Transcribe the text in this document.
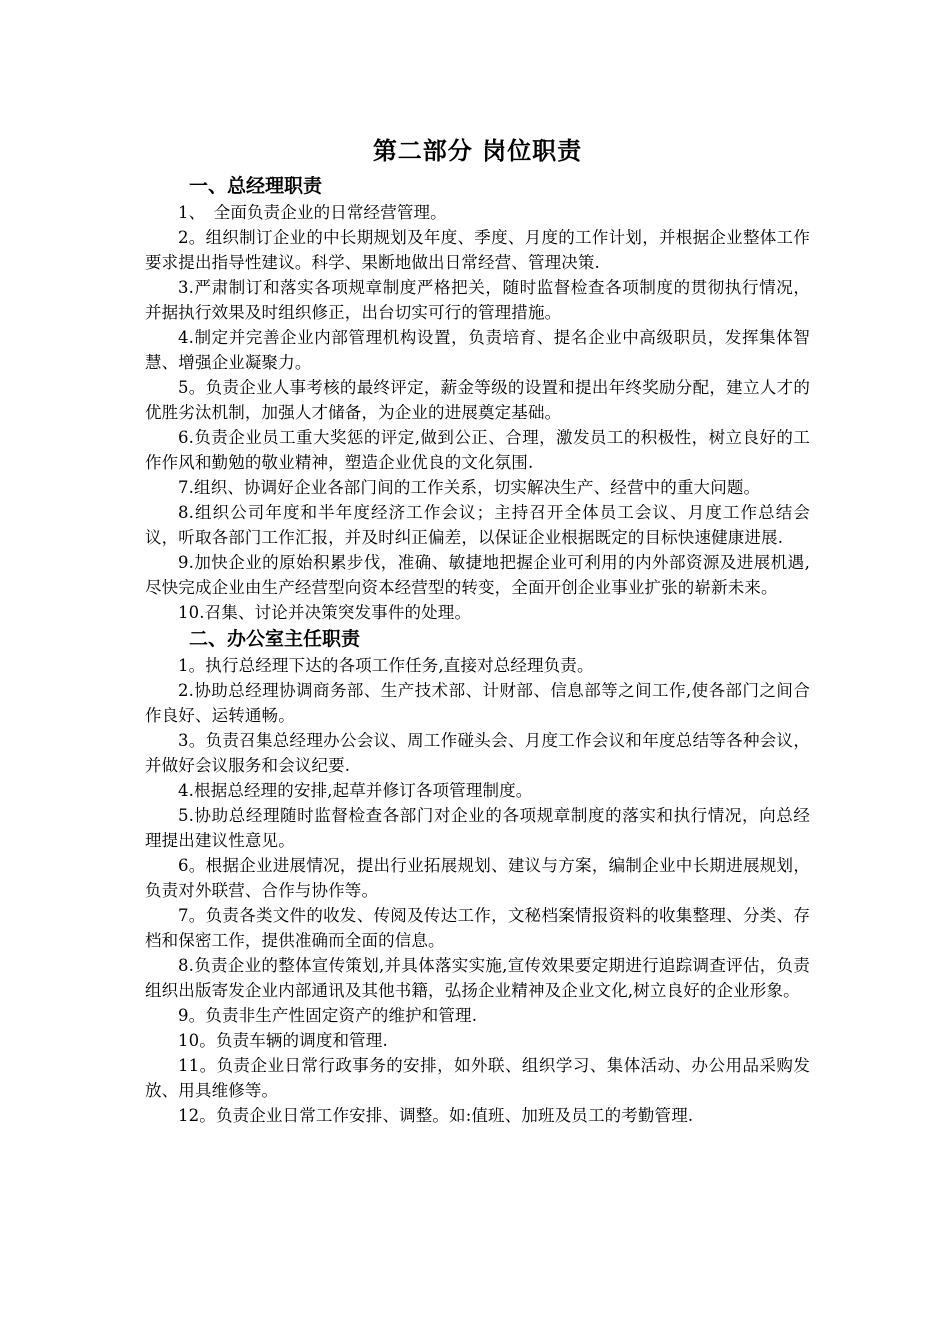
第二部分 岗位职责
一、总经理职责

1、　全面负责企业的日常经营管理。

2。组织制订企业的中长期规划及年度、季度、月度的工作计划，并根据企业整体工作要求提出指导性建议。科学、果断地做出日常经营、管理决策.

3.严肃制订和落实各项规章制度严格把关，随时监督检查各项制度的贯彻执行情况，并据执行效果及时组织修正，出台切实可行的管理措施。

4.制定并完善企业内部管理机构设置，负责培育、提名企业中高级职员，发挥集体智慧、增强企业凝聚力。

5。负责企业人事考核的最终评定，薪金等级的设置和提出年终奖励分配，建立人才的优胜劣汰机制，加强人才储备，为企业的进展奠定基础。

6.负责企业员工重大奖惩的评定,做到公正、合理，激发员工的积极性，树立良好的工作作风和勤勉的敬业精神，塑造企业优良的文化氛围.

7.组织、协调好企业各部门间的工作关系，切实解决生产、经营中的重大问题。

8.组织公司年度和半年度经济工作会议；主持召开全体员工会议、月度工作总结会议，听取各部门工作汇报，并及时纠正偏差，以保证企业根据既定的目标快速健康进展.

9.加快企业的原始积累步伐，准确、敏捷地把握企业可利用的内外部资源及进展机遇,尽快完成企业由生产经营型向资本经营型的转变，全面开创企业事业扩张的崭新未来。

10.召集、讨论并决策突发事件的处理。

二、办公室主任职责

1。执行总经理下达的各项工作任务,直接对总经理负责。

2.协助总经理协调商务部、生产技术部、计财部、信息部等之间工作,使各部门之间合作良好、运转通畅。

3。负责召集总经理办公会议、周工作碰头会、月度工作会议和年度总结等各种会议，并做好会议服务和会议纪要.

4.根据总经理的安排,起草并修订各项管理制度。

5.协助总经理随时监督检查各部门对企业的各项规章制度的落实和执行情况，向总经理提出建议性意见。

6。根据企业进展情况，提出行业拓展规划、建议与方案，编制企业中长期进展规划，负责对外联营、合作与协作等。

7。负责各类文件的收发、传阅及传达工作，文秘档案情报资料的收集整理、分类、存档和保密工作，提供准确而全面的信息。

8.负责企业的整体宣传策划,并具体落实实施,宣传效果要定期进行追踪调查评估，负责组织出版寄发企业内部通讯及其他书籍，弘扬企业精神及企业文化,树立良好的企业形象。

9。负责非生产性固定资产的维护和管理.

10。负责车辆的调度和管理.

11。负责企业日常行政事务的安排，如外联、组织学习、集体活动、办公用品采购发放、用具维修等。

12。负责企业日常工作安排、调整。如:值班、加班及员工的考勤管理.
